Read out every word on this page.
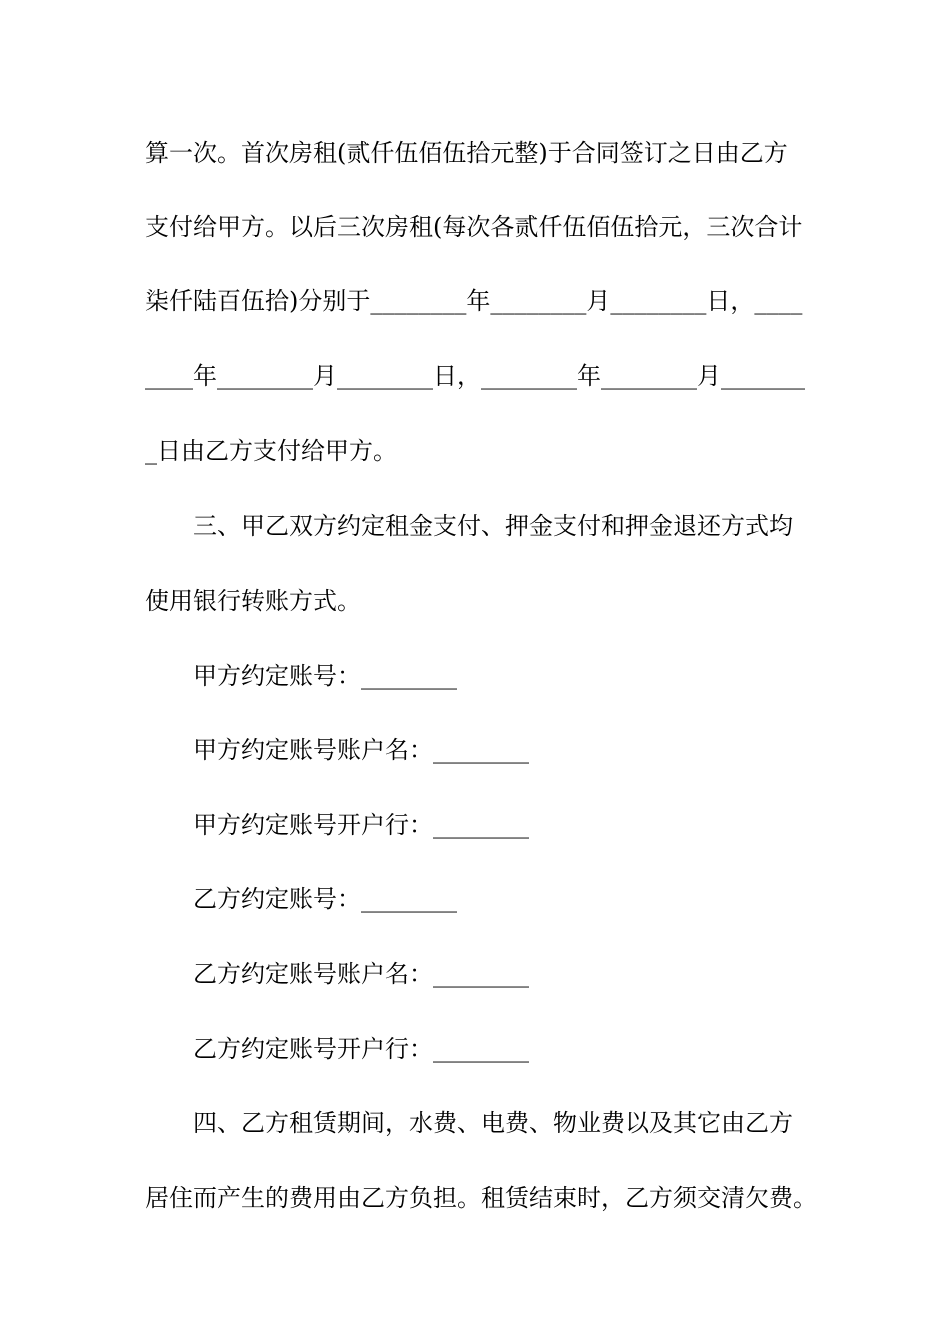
算一次。首次房租(贰仟伍佰伍拾元整)于合同签订之日由乙方
支付给甲方。以后三次房租(每次各贰仟伍佰伍拾元，三次合计
柒仟陆百伍拾)分别于________年________月________日，____
____年________月________日，________年________月_______
_日由乙方支付给甲方。
三、甲乙双方约定租金支付、押金支付和押金退还方式均
使用银行转账方式。
甲方约定账号：________
甲方约定账号账户名：________
甲方约定账号开户行：________
乙方约定账号：________
乙方约定账号账户名：________
乙方约定账号开户行：________
四、乙方租赁期间，水费、电费、物业费以及其它由乙方
居住而产生的费用由乙方负担。租赁结束时，乙方须交清欠费。
